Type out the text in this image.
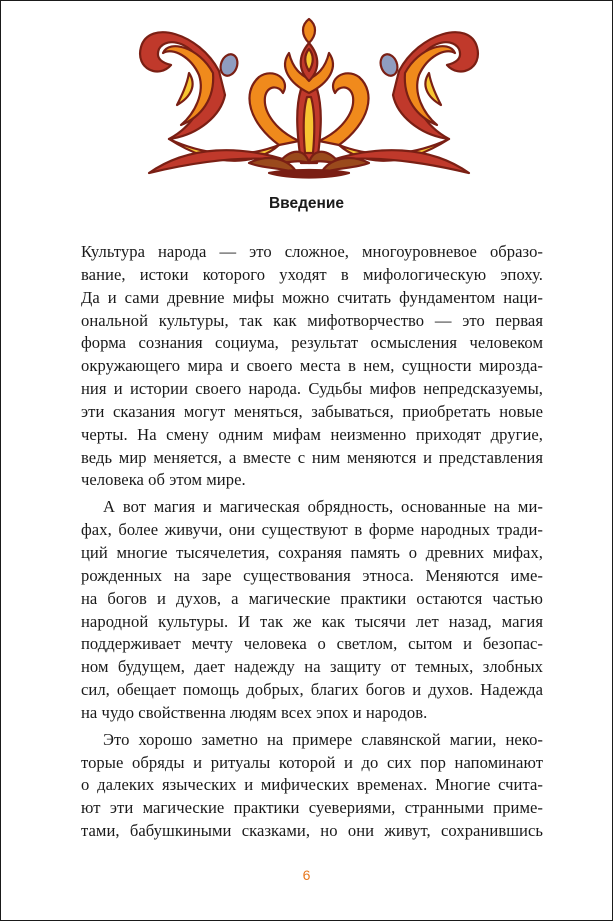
Введение
Культура народа — это сложное, многоуровневое образо-
вание, истоки которого уходят в мифологическую эпоху.
Да и сами древние мифы можно считать фундаментом наци-
ональной культуры, так как мифотворчество — это первая
форма сознания социума, результат осмысления человеком
окружающего мира и своего места в нем, сущности мирозда-
ния и истории своего народа. Судьбы мифов непредсказуемы,
эти сказания могут меняться, забываться, приобретать новые
черты. На смену одним мифам неизменно приходят другие,
ведь мир меняется, а вместе с ним меняются и представления
человека об этом мире.
А вот магия и магическая обрядность, основанные на ми-
фах, более живучи, они существуют в форме народных тради-
ций многие тысячелетия, сохраняя память о древних мифах,
рожденных на заре существования этноса. Меняются име-
на богов и духов, а магические практики остаются частью
народной культуры. И так же как тысячи лет назад, магия
поддерживает мечту человека о светлом, сытом и безопас-
ном будущем, дает надежду на защиту от темных, злобных
сил, обещает помощь добрых, благих богов и духов. Надежда
на чудо свойственна людям всех эпох и народов.
Это хорошо заметно на примере славянской магии, неко-
торые обряды и ритуалы которой и до сих пор напоминают
о далеких языческих и мифических временах. Многие счита-
ют эти магические практики суевериями, странными приме-
тами, бабушкиными сказками, но они живут, сохранившись
6
